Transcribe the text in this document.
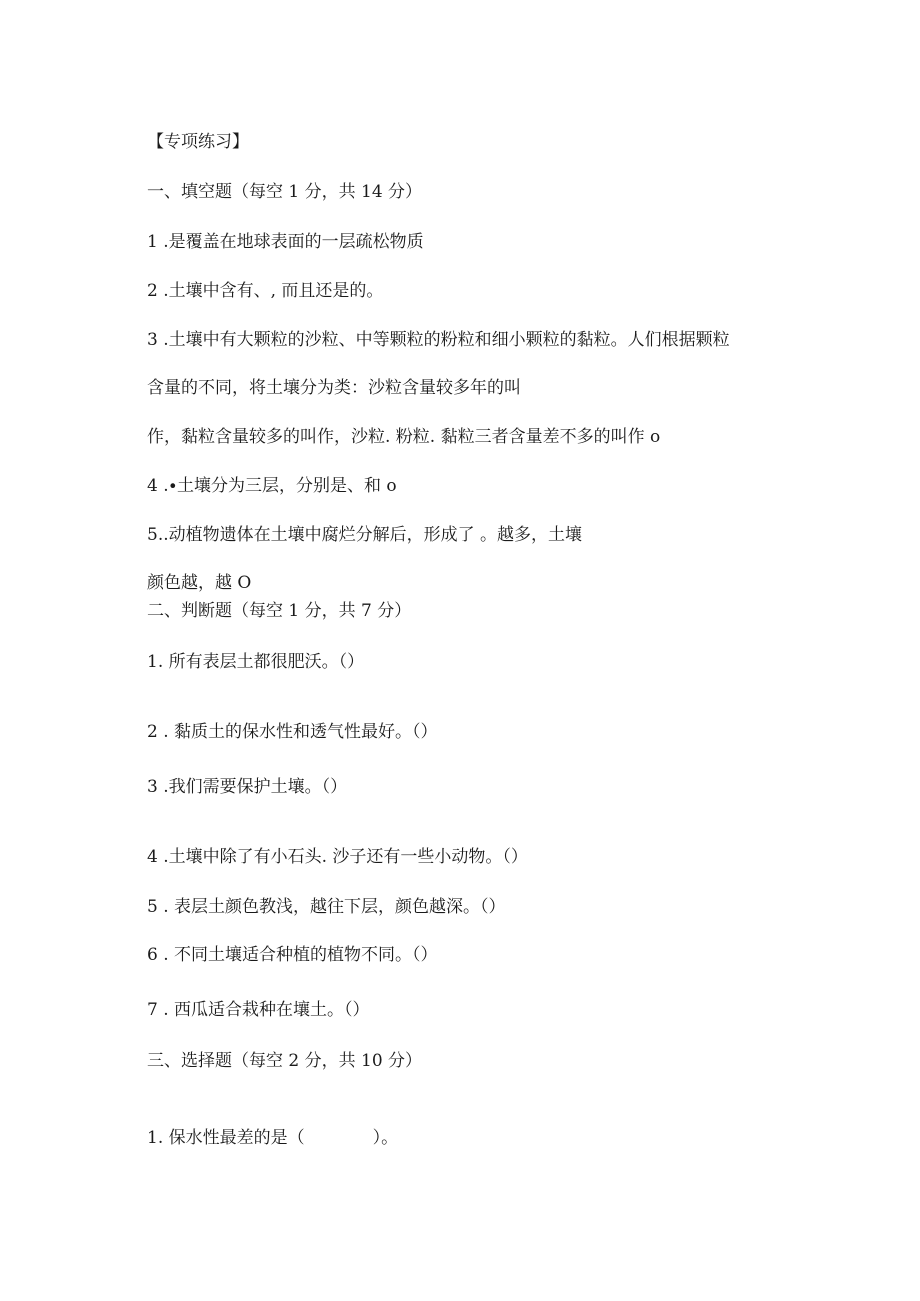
【专项练习】
一、填空题（每空 1 分，共 14 分）
1 .是覆盖在地球表面的一层疏松物质
2 .土壤中含有、, 而且还是的。
3 .土壤中有大颗粒的沙粒、中等颗粒的粉粒和细小颗粒的黏粒。人们根据颗粒
含量的不同，将土壤分为类：沙粒含量较多年的叫
作，黏粒含量较多的叫作，沙粒. 粉粒. 黏粒三者含量差不多的叫作 o
4 .∙土壤分为三层，分别是、和 o
5..动植物遗体在土壤中腐烂分解后，形成了 。越多，土壤
颜色越，越 O
二、判断题（每空 1 分，共 7 分）
1. 所有表层土都很肥沃。（）
2 . 黏质土的保水性和透气性最好。（）
3 .我们需要保护土壤。（）
4 .土壤中除了有小石头. 沙子还有一些小动物。（）
5 . 表层土颜色教浅，越往下层，颜色越深。（）
6 . 不同土壤适合种植的植物不同。（）
7 . 西瓜适合栽种在壤土。（）
三、选择题（每空 2 分，共 10 分）
1. 保水性最差的是（　　　　）。
